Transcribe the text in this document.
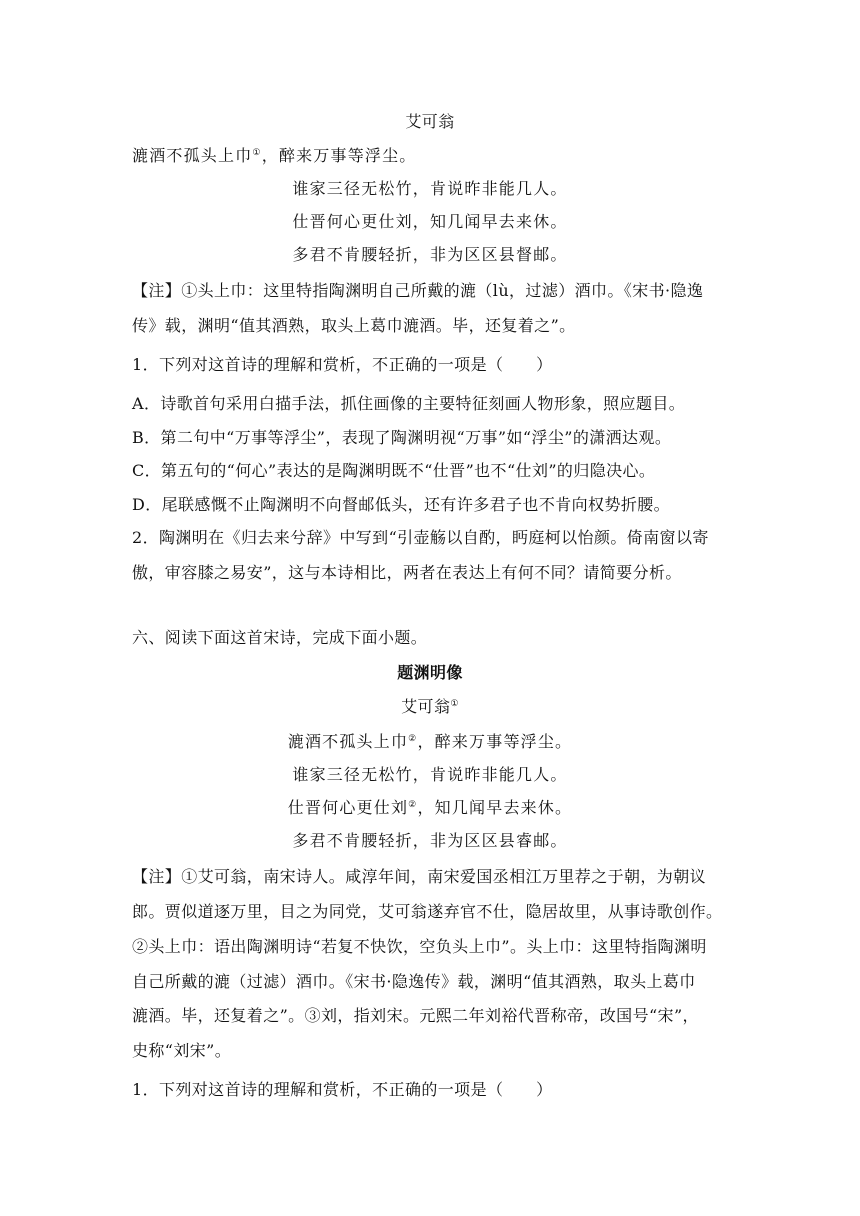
艾可翁
漉酒不孤头上巾①，醉来万事等浮尘。
谁家三径无松竹，肯说昨非能几人。
仕晋何心更仕刘，知几闻早去来休。
多君不肯腰轻折，非为区区县督邮。
【注】①头上巾：这里特指陶渊明自己所戴的漉（lù，过滤）酒巾。《宋书·隐逸
传》载，渊明“值其酒熟，取头上葛巾漉酒。毕，还复着之”。
1．下列对这首诗的理解和赏析，不正确的一项是（　　）
A．诗歌首句采用白描手法，抓住画像的主要特征刻画人物形象，照应题目。
B．第二句中“万事等浮尘”，表现了陶渊明视“万事”如“浮尘”的潇洒达观。
C．第五句的“何心”表达的是陶渊明既不“仕晋”也不“仕刘”的归隐决心。
D．尾联感慨不止陶渊明不向督邮低头，还有许多君子也不肯向权势折腰。
2．陶渊明在《归去来兮辞》中写到“引壶觞以自酌，眄庭柯以怡颜。倚南窗以寄
傲，审容膝之易安”，这与本诗相比，两者在表达上有何不同？请简要分析。
六、阅读下面这首宋诗，完成下面小题。
题渊明像
艾可翁①
漉酒不孤头上巾②，醉来万事等浮尘。
谁家三径无松竹，肯说昨非能几人。
仕晋何心更仕刘②，知几闻早去来休。
多君不肯腰轻折，非为区区县睿邮。
【注】①艾可翁，南宋诗人。咸淳年间，南宋爱国丞相江万里荐之于朝，为朝议
郎。贾似道逐万里，目之为同党，艾可翁遂弃官不仕，隐居故里，从事诗歌创作。
②头上巾：语出陶渊明诗“若复不快饮，空负头上巾”。头上巾：这里特指陶渊明
自己所戴的漉（过滤）酒巾。《宋书·隐逸传》载，渊明“值其酒熟，取头上葛巾
漉酒。毕，还复着之”。③刘，指刘宋。元熙二年刘裕代晋称帝，改国号“宋”，
史称“刘宋”。
1．下列对这首诗的理解和赏析，不正确的一项是（　　）
